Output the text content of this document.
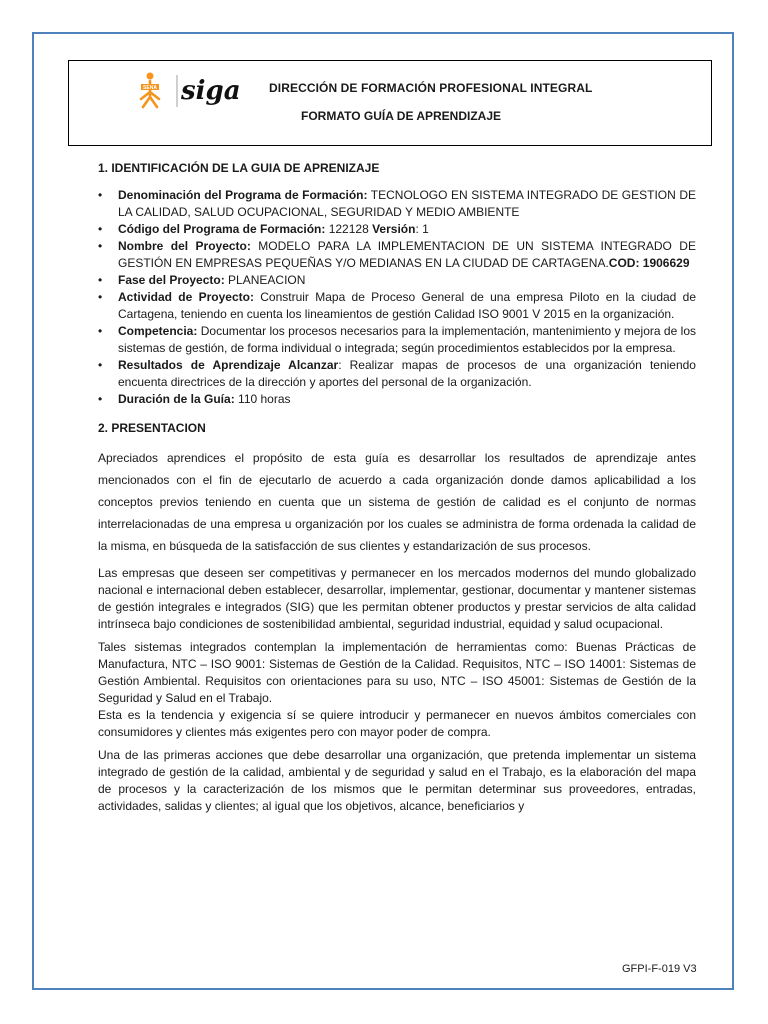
SENA siga DIRECCIÓN DE FORMACIÓN PROFESIONAL INTEGRAL
FORMATO GUÍA DE APRENDIZAJE
1. IDENTIFICACIÓN DE LA GUIA DE APRENIZAJE
• Denominación del Programa de Formación: TECNOLOGO EN SISTEMA INTEGRADO DE GESTION DE LA CALIDAD, SALUD OCUPACIONAL, SEGURIDAD Y MEDIO AMBIENTE
• Código del Programa de Formación: 122128 Versión: 1
• Nombre del Proyecto: MODELO PARA LA IMPLEMENTACION DE UN SISTEMA INTEGRADO DE GESTIÓN EN EMPRESAS PEQUEÑAS Y/O MEDIANAS EN LA CIUDAD DE CARTAGENA.COD: 1906629
• Fase del Proyecto: PLANEACION
• Actividad de Proyecto: Construir Mapa de Proceso General de una empresa Piloto en la ciudad de Cartagena, teniendo en cuenta los lineamientos de gestión Calidad ISO 9001 V 2015 en la organización.
• Competencia: Documentar los procesos necesarios para la implementación, mantenimiento y mejora de los sistemas de gestión, de forma individual o integrada; según procedimientos establecidos por la empresa.
• Resultados de Aprendizaje Alcanzar: Realizar mapas de procesos de una organización teniendo encuenta directrices de la dirección y aportes del personal de la organización.
• Duración de la Guía: 110 horas
2. PRESENTACION

Apreciados aprendices el propósito de esta guía es desarrollar los resultados de aprendizaje antes mencionados con el fin de ejecutarlo de acuerdo a cada organización donde damos aplicabilidad a los conceptos previos teniendo en cuenta que un sistema de gestión de calidad es el conjunto de normas interrelacionadas de una empresa u organización por los cuales se administra de forma ordenada la calidad de la misma, en búsqueda de la satisfacción de sus clientes y estandarización de sus procesos.

Las empresas que deseen ser competitivas y permanecer en los mercados modernos del mundo globalizado nacional e internacional deben establecer, desarrollar, implementar, gestionar, documentar y mantener sistemas de gestión integrales e integrados (SIG) que les permitan obtener productos y prestar servicios de alta calidad intrínseca bajo condiciones de sostenibilidad ambiental, seguridad industrial, equidad y salud ocupacional.

Tales sistemas integrados contemplan la implementación de herramientas como: Buenas Prácticas de Manufactura, NTC – ISO 9001: Sistemas de Gestión de la Calidad. Requisitos, NTC – ISO 14001: Sistemas de Gestión Ambiental. Requisitos con orientaciones para su uso, NTC – ISO 45001: Sistemas de Gestión de la Seguridad y Salud en el Trabajo.

Esta es la tendencia y exigencia sí se quiere introducir y permanecer en nuevos ámbitos comerciales con consumidores y clientes más exigentes pero con mayor poder de compra.

Una de las primeras acciones que debe desarrollar una organización, que pretenda implementar un sistema integrado de gestión de la calidad, ambiental y de seguridad y salud en el Trabajo, es la elaboración del mapa de procesos y la caracterización de los mismos que le permitan determinar sus proveedores, entradas, actividades, salidas y clientes; al igual que los objetivos, alcance, beneficiarios y

GFPI-F-019 V3
